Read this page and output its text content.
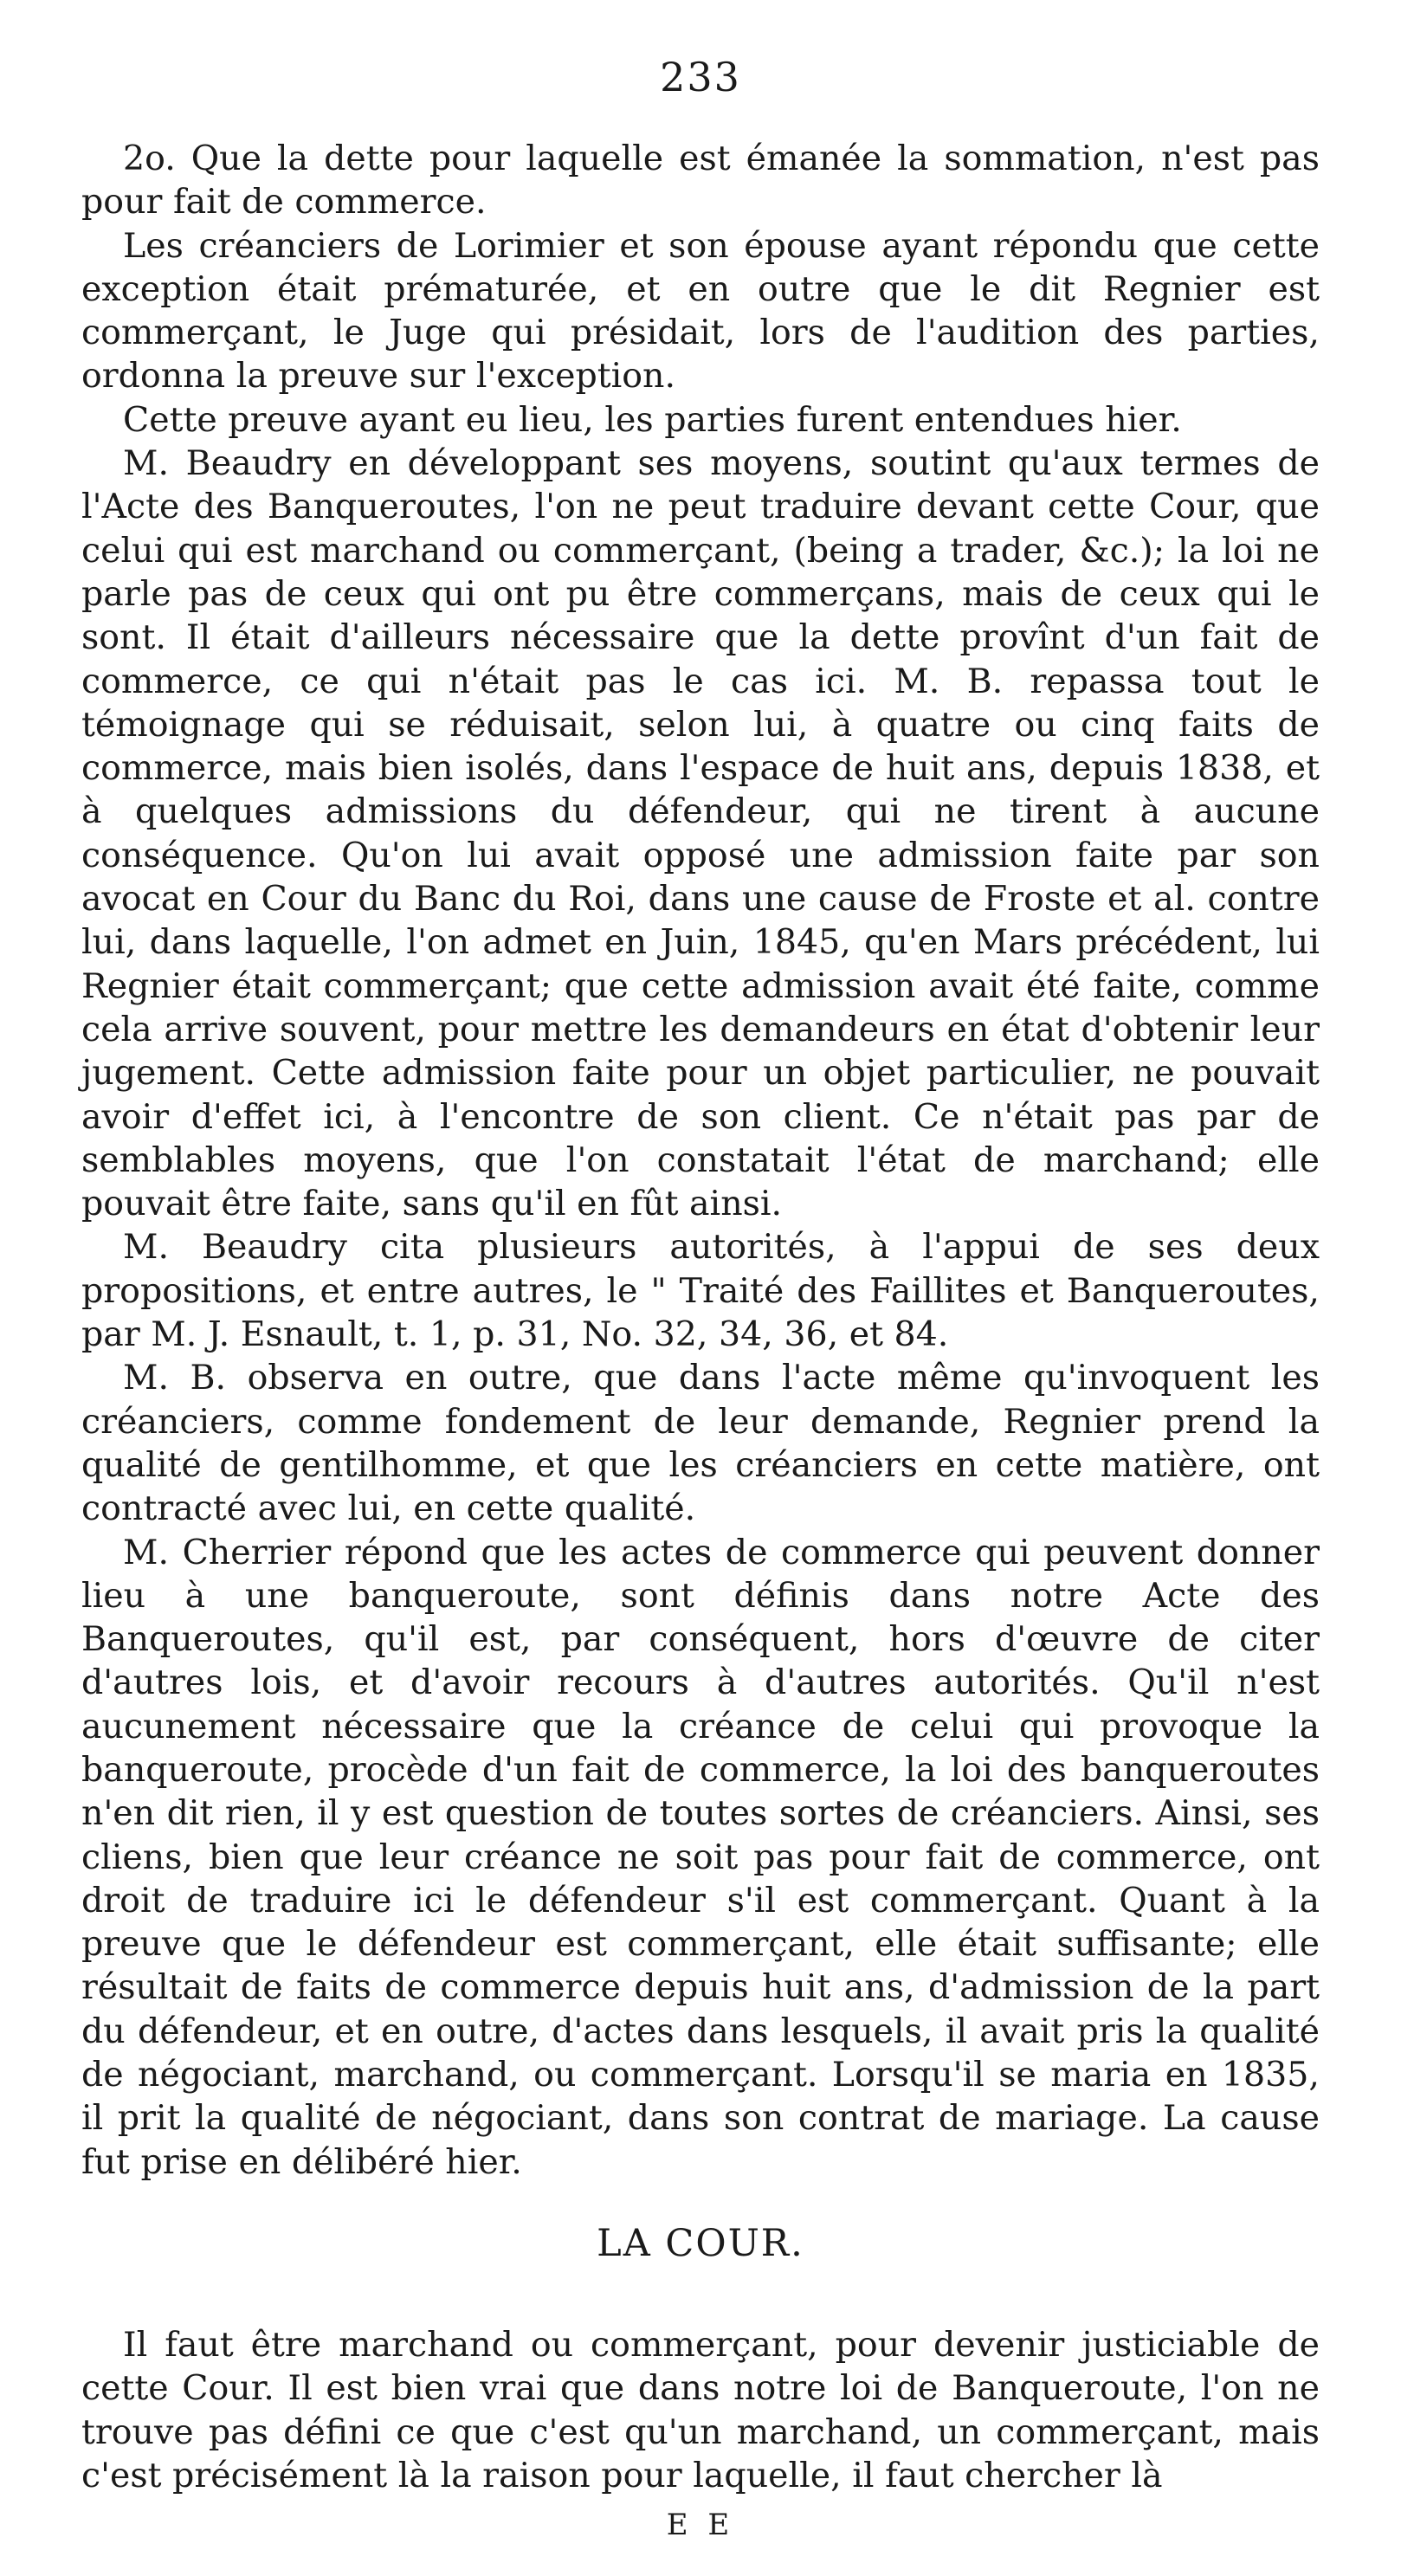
233

2o. Que la dette pour laquelle est émanée la sommation, n'est pas pour fait de commerce.

Les créanciers de Lorimier et son épouse ayant répondu que cette exception était prématurée, et en outre que le dit Regnier est commerçant, le Juge qui présidait, lors de l'audition des parties, ordonna la preuve sur l'exception.

Cette preuve ayant eu lieu, les parties furent entendues hier.

M. Beaudry en développant ses moyens, soutint qu'aux termes de l'Acte des Banqueroutes, l'on ne peut traduire devant cette Cour, que celui qui est marchand ou commerçant, (being a trader, &c.); la loi ne parle pas de ceux qui ont pu être commerçans, mais de ceux qui le sont. Il était d'ailleurs nécessaire que la dette provînt d'un fait de commerce, ce qui n'était pas le cas ici. M. B. repassa tout le témoignage qui se réduisait, selon lui, à quatre ou cinq faits de commerce, mais bien isolés, dans l'espace de huit ans, depuis 1838, et à quelques admissions du défendeur, qui ne tirent à aucune conséquence. Qu'on lui avait opposé une admission faite par son avocat en Cour du Banc du Roi, dans une cause de Froste et al. contre lui, dans laquelle, l'on admet en Juin, 1845, qu'en Mars précédent, lui Regnier était commerçant; que cette admission avait été faite, comme cela arrive souvent, pour mettre les demandeurs en état d'obtenir leur jugement. Cette admission faite pour un objet particulier, ne pouvait avoir d'effet ici, à l'encontre de son client. Ce n'était pas par de semblables moyens, que l'on constatait l'état de marchand; elle pouvait être faite, sans qu'il en fût ainsi.

M. Beaudry cita plusieurs autorités, à l'appui de ses deux propositions, et entre autres, le " Traité des Faillites et Banqueroutes, par M. J. Esnault, t. 1, p. 31, No. 32, 34, 36, et 84.

M. B. observa en outre, que dans l'acte même qu'invoquent les créanciers, comme fondement de leur demande, Regnier prend la qualité de gentilhomme, et que les créanciers en cette matière, ont contracté avec lui, en cette qualité.

M. Cherrier répond que les actes de commerce qui peuvent donner lieu à une banqueroute, sont définis dans notre Acte des Banqueroutes, qu'il est, par conséquent, hors d'œuvre de citer d'autres lois, et d'avoir recours à d'autres autorités. Qu'il n'est aucunement nécessaire que la créance de celui qui provoque la banqueroute, procède d'un fait de commerce, la loi des banqueroutes n'en dit rien, il y est question de toutes sortes de créanciers. Ainsi, ses cliens, bien que leur créance ne soit pas pour fait de commerce, ont droit de traduire ici le défendeur s'il est commerçant. Quant à la preuve que le défendeur est commerçant, elle était suffisante; elle résultait de faits de commerce depuis huit ans, d'admission de la part du défendeur, et en outre, d'actes dans lesquels, il avait pris la qualité de négociant, marchand, ou commerçant. Lorsqu'il se maria en 1835, il prit la qualité de négociant, dans son contrat de mariage. La cause fut prise en délibéré hier.

LA COUR.

Il faut être marchand ou commerçant, pour devenir justiciable de cette Cour. Il est bien vrai que dans notre loi de Banqueroute, l'on ne trouve pas défini ce que c'est qu'un marchand, un commerçant, mais c'est précisément là la raison pour laquelle, il faut chercher là

E E
